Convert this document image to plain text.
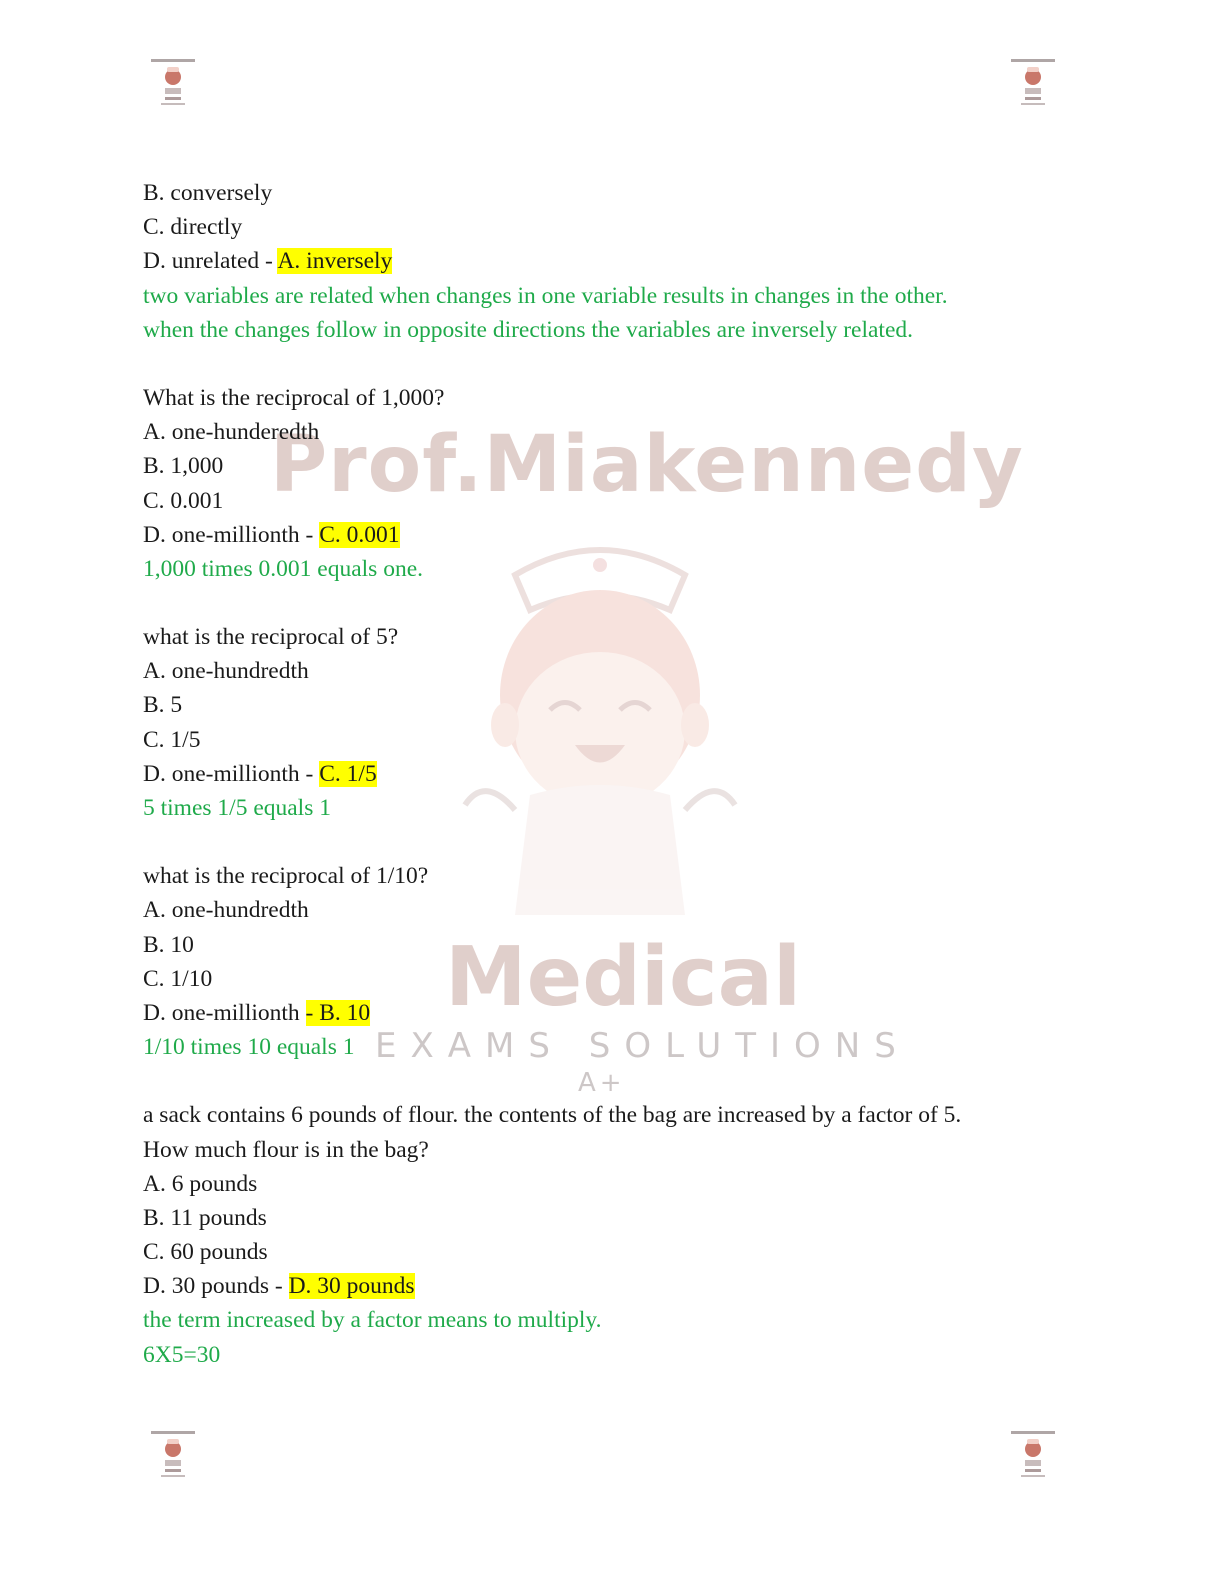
Prof.Miakennedy
Medical
EXAMS SOLUTIONS
A+
B. conversely
C. directly
D. unrelated - A. inversely
two variables are related when changes in one variable results in changes in the other.
when the changes follow in opposite directions the variables are inversely related.
What is the reciprocal of 1,000?
A. one-hunderedth
B. 1,000
C. 0.001
D. one-millionth - C. 0.001
1,000 times 0.001 equals one.
what is the reciprocal of 5?
A. one-hundredth
B. 5
C. 1/5
D. one-millionth - C. 1/5
5 times 1/5 equals 1
what is the reciprocal of 1/10?
A. one-hundredth
B. 10
C. 1/10
D. one-millionth - B. 10
1/10 times 10 equals 1
a sack contains 6 pounds of flour. the contents of the bag are increased by a factor of 5.
How much flour is in the bag?
A. 6 pounds
B. 11 pounds
C. 60 pounds
D. 30 pounds - D. 30 pounds
the term increased by a factor means to multiply.
6X5=30
